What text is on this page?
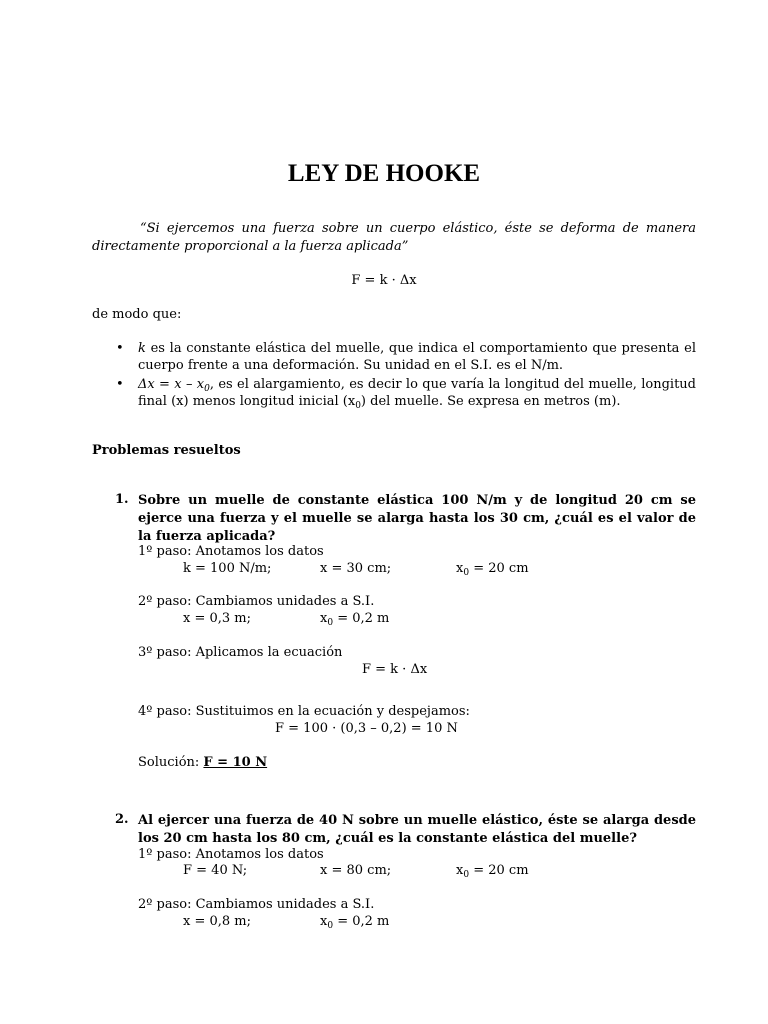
LEY DE HOOKE
“Si ejercemos una fuerza sobre un cuerpo elástico, éste se deforma de manera directamente proporcional a la fuerza aplicada”
F = k · Δx
de modo que:
• k es la constante elástica del muelle, que indica el comportamiento que presenta el cuerpo frente a una deformación. Su unidad en el S.I. es el N/m.
• $\Delta x = x - x_0$, es el alargamiento, es decir lo que varía la longitud del muelle, longitud final (x) menos longitud inicial $(x_0)$ del muelle. Se expresa en metros (m).
Problemas resueltos
1. Sobre un muelle de constante elástica 100 N/m y de longitud 20 cm se ejerce una fuerza y el muelle se alarga hasta los 30 cm, ¿cuál es el valor de la fuerza aplicada?
1º paso: Anotamos los datos
k = 100 N/m;	x = 30 cm;	$x_0 = 20$ cm
2º paso: Cambiamos unidades a S.I.
x = 0,3 m;	$x_0 = 0,2$ m
3º paso: Aplicamos la ecuación
F = k · Δx
4º paso: Sustituimos en la ecuación y despejamos:
F = 100 · (0,3 – 0,2) = 10 N
Solución: F = 10 N
2. Al ejercer una fuerza de 40 N sobre un muelle elástico, éste se alarga desde los 20 cm hasta los 80 cm, ¿cuál es la constante elástica del muelle?
1º paso: Anotamos los datos
F = 40 N;	x = 80 cm;	$x_0 = 20$ cm
2º paso: Cambiamos unidades a S.I.
x = 0,8 m;	$x_0 = 0,2$ m
